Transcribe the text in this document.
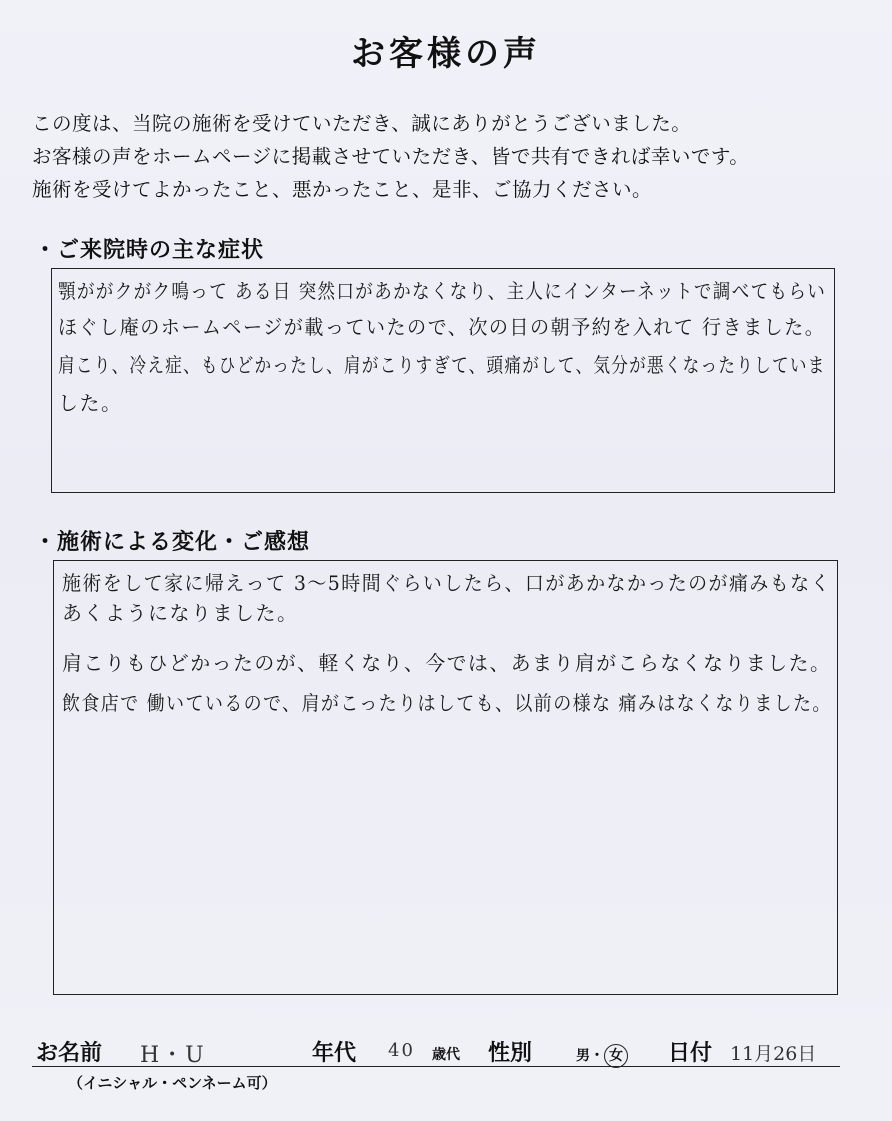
お客様の声
この度は、当院の施術を受けていただき、誠にありがとうございました。
お客様の声をホームページに掲載させていただき、皆で共有できれば幸いです。
施術を受けてよかったこと、悪かったこと、是非、ご協力ください。
・ご来院時の主な症状
顎ががクがク鳴って ある日 突然口があかなくなり、主人にインターネットで調べてもらい
ほぐし庵のホームページが載っていたので、次の日の朝予約を入れて 行きました。
肩こり、冷え症、もひどかったし、肩がこりすぎて、頭痛がして、気分が悪くなったりしていま
した。
・施術による変化・ご感想
施術をして家に帰えって 3～5時間ぐらいしたら、口があかなかったのが痛みもなく
あくようになりました。
肩こりもひどかったのが、軽くなり、今では、あまり肩がこらなくなりました。
飲食店で 働いているので、肩がこったりはしても、以前の様な 痛みはなくなりました。
お名前 H・U	年代 40 歳代 性別	男・ 女 日付 11月26日
（イニシャル・ペンネーム可）
